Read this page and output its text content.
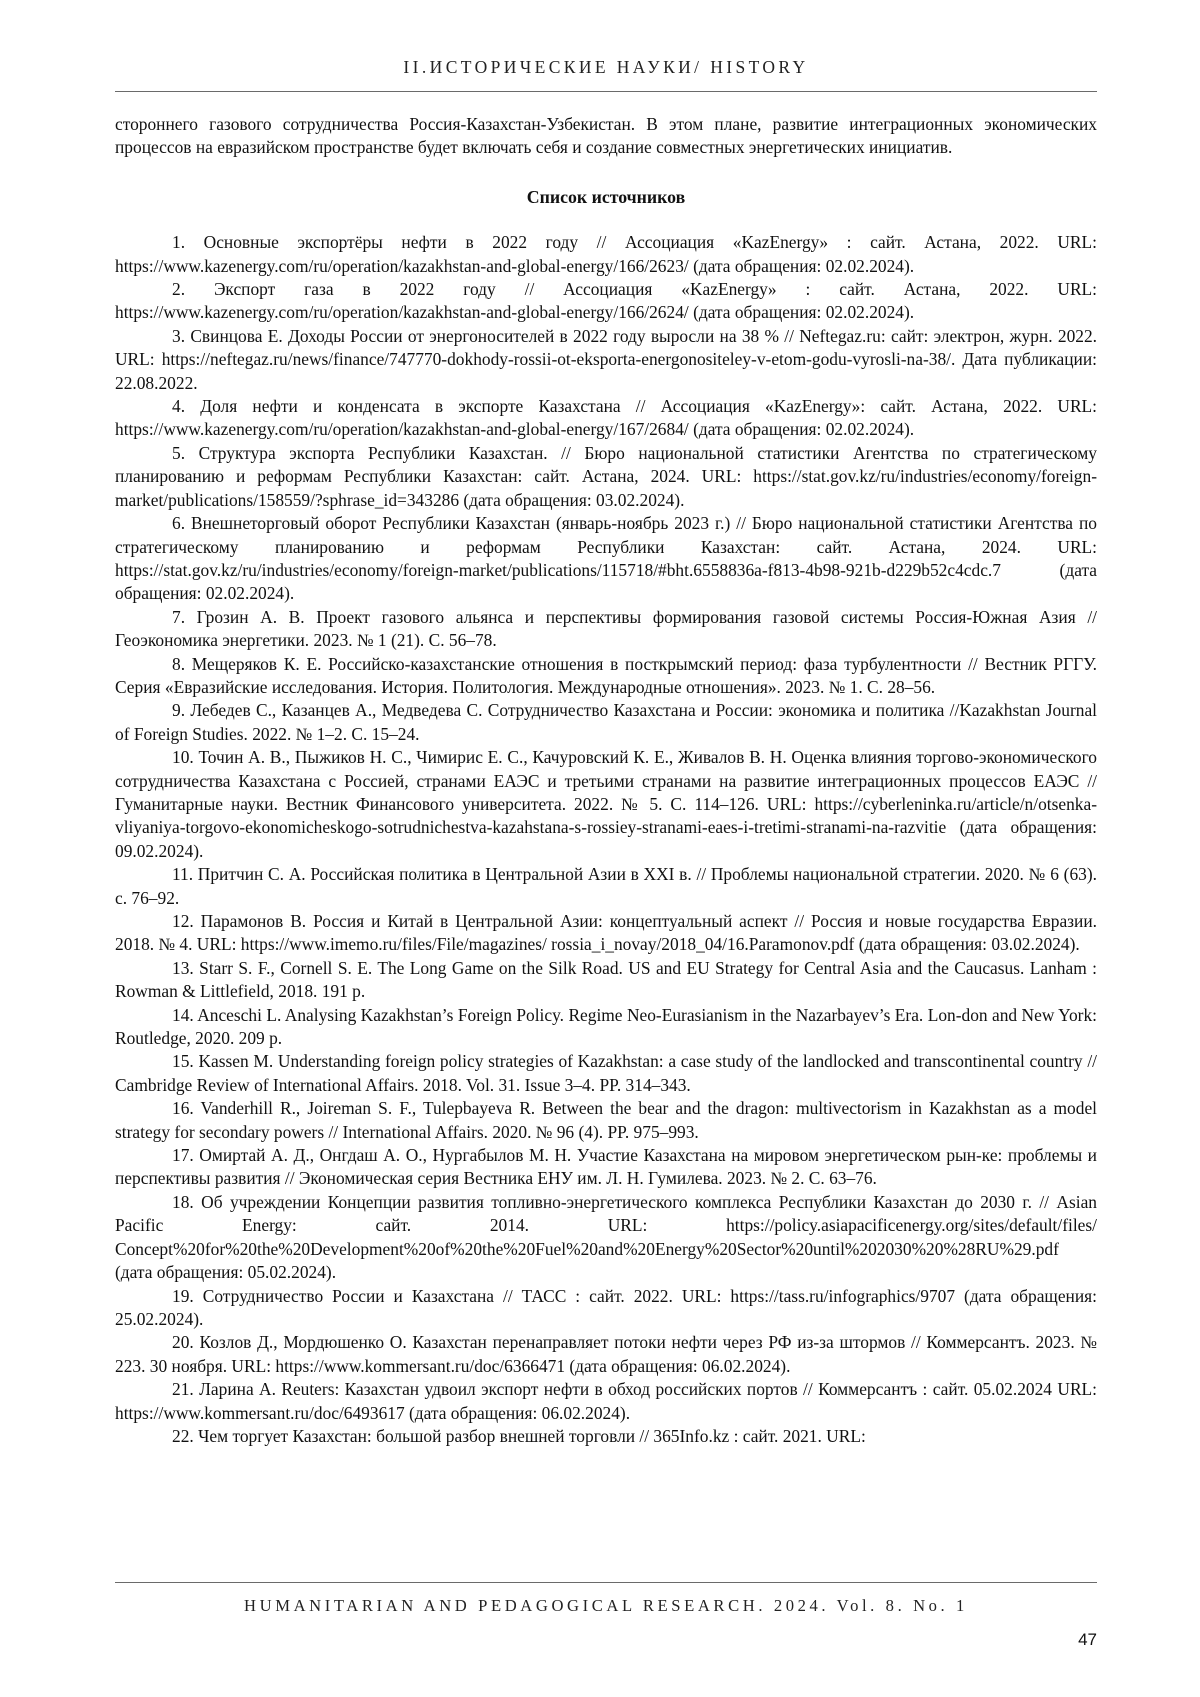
II.ИСТОРИЧЕСКИЕ НАУКИ/ HISTORY

стороннего газового сотрудничества Россия-Казахстан-Узбекистан. В этом плане, развитие интеграционных экономических процессов на евразийском пространстве будет включать себя и создание совместных энергетических инициатив.

Список источников

1. Основные экспортёры нефти в 2022 году // Ассоциация «KazEnergy» : сайт. Астана, 2022. URL: https://www.kazenergy.com/ru/operation/kazakhstan-and-global-energy/166/2623/ (дата обращения: 02.02.2024).

2. Экспорт газа в 2022 году // Ассоциация «KazEnergy» : сайт. Астана, 2022. URL: https://www.kazenergy.com/ru/operation/kazakhstan-and-global-energy/166/2624/ (дата обращения: 02.02.2024).

3. Свинцова Е. Доходы России от энергоносителей в 2022 году выросли на 38 % // Neftegaz.ru: сайт: электрон, журн. 2022. URL: https://neftegaz.ru/news/finance/747770-dokhody-rossii-ot-eksporta-energonositeley-v-etom-godu-vyrosli-na-38/. Дата публикации: 22.08.2022.

4. Доля нефти и конденсата в экспорте Казахстана // Ассоциация «KazEnergy»: сайт. Астана, 2022. URL: https://www.kazenergy.com/ru/operation/kazakhstan-and-global-energy/167/2684/ (дата обращения: 02.02.2024).

5. Структура экспорта Республики Казахстан. // Бюро национальной статистики Агентства по стратегическому планированию и реформам Республики Казахстан: сайт. Астана, 2024. URL: https://stat.gov.kz/ru/industries/economy/foreign-market/publications/158559/?sphrase_id=343286 (дата обращения: 03.02.2024).

6. Внешнеторговый оборот Республики Казахстан (январь-ноябрь 2023 г.) // Бюро национальной статистики Агентства по стратегическому планированию и реформам Республики Казахстан: сайт. Астана, 2024. URL: https://stat.gov.kz/ru/industries/economy/foreign-market/publications/115718/#bht.6558836a-f813-4b98-921b-d229b52c4cdc.7 (дата обращения: 02.02.2024).

7. Грозин А. В. Проект газового альянса и перспективы формирования газовой системы Россия-Южная Азия // Геоэкономика энергетики. 2023. № 1 (21). С. 56–78.

8. Мещеряков К. Е. Российско-казахстанские отношения в посткрымский период: фаза турбулентности // Вестник РГГУ. Серия «Евразийские исследования. История. Политология. Международные отношения». 2023. № 1. С. 28–56.

9. Лебедев С., Казанцев А., Медведева С. Сотрудничество Казахстана и России: экономика и политика //Kazakhstan Journal of Foreign Studies. 2022. № 1–2. С. 15–24.

10. Точин А. В., Пыжиков Н. С., Чимирис Е. С., Качуровский К. Е., Живалов В. Н. Оценка влияния торгово-экономического сотрудничества Казахстана с Россией, странами ЕАЭС и третьими странами на развитие интеграционных процессов ЕАЭС // Гуманитарные науки. Вестник Финансового университета. 2022. № 5. С. 114–126. URL: https://cyberleninka.ru/article/n/otsenka-vliyaniya-torgovo-ekonomicheskogo-sotrudnichestva-kazahstana-s-rossiey-stranami-eaes-i-tretimi-stranami-na-razvitie (дата обращения: 09.02.2024).

11. Притчин С. А. Российская политика в Центральной Азии в XXI в. // Проблемы национальной стратегии. 2020. № 6 (63). с. 76–92.

12. Парамонов В. Россия и Китай в Центральной Азии: концептуальный аспект // Россия и новые государства Евразии. 2018. № 4. URL: https://www.imemo.ru/files/File/magazines/ rossia_i_novay/2018_04/16.Paramonov.pdf (дата обращения: 03.02.2024).

13. Starr S. F., Cornell S. E. The Long Game on the Silk Road. US and EU Strategy for Central Asia and the Caucasus. Lanham : Rowman & Littlefield, 2018. 191 p.

14. Anceschi L. Analysing Kazakhstan’s Foreign Policy. Regime Neo-Eurasianism in the Nazarbayev’s Era. Lon-don and New York: Routledge, 2020. 209 p.

15. Kassen M. Understanding foreign policy strategies of Kazakhstan: a case study of the landlocked and transcontinental country // Cambridge Review of International Affairs. 2018. Vol. 31. Issue 3–4. PP. 314–343.

16. Vanderhill R., Joireman S. F., Tulepbayeva R. Between the bear and the dragon: multivectorism in Kazakhstan as a model strategy for secondary powers // International Affairs. 2020. № 96 (4). PP. 975–993.

17. Омиртай А. Д., Онгдаш А. О., Нургабылов М. Н. Участие Казахстана на мировом энергетическом рын-ке: проблемы и перспективы развития // Экономическая серия Вестника ЕНУ им. Л. Н. Гумилева. 2023. № 2. С. 63–76.

18. Об учреждении Концепции развития топливно-энергетического комплекса Республики Казахстан до 2030 г. // Asian Pacific Energy: сайт. 2014. URL: https://policy.asiapacificenergy.org/sites/default/files/ Concept%20for%20the%20Development%20of%20the%20Fuel%20and%20Energy%20Sector%20until%202030%20%28RU%29.pdf (дата обращения: 05.02.2024).

19. Сотрудничество России и Казахстана // ТАСС : сайт. 2022. URL: https://tass.ru/infographics/9707 (дата обращения: 25.02.2024).

20. Козлов Д., Мордюшенко О. Казахстан перенаправляет потоки нефти через РФ из-за штормов // Коммерсантъ. 2023. № 223. 30 ноября. URL: https://www.kommersant.ru/doc/6366471 (дата обращения: 06.02.2024).

21. Ларина А. Reuters: Казахстан удвоил экспорт нефти в обход российских портов // Коммерсантъ : сайт. 05.02.2024 URL: https://www.kommersant.ru/doc/6493617 (дата обращения: 06.02.2024).

22. Чем торгует Казахстан: большой разбор внешней торговли // 365Info.kz : сайт. 2021. URL:

HUMANITARIAN AND PEDAGOGICAL RESEARCH. 2024. Vol. 8. No. 1
47
